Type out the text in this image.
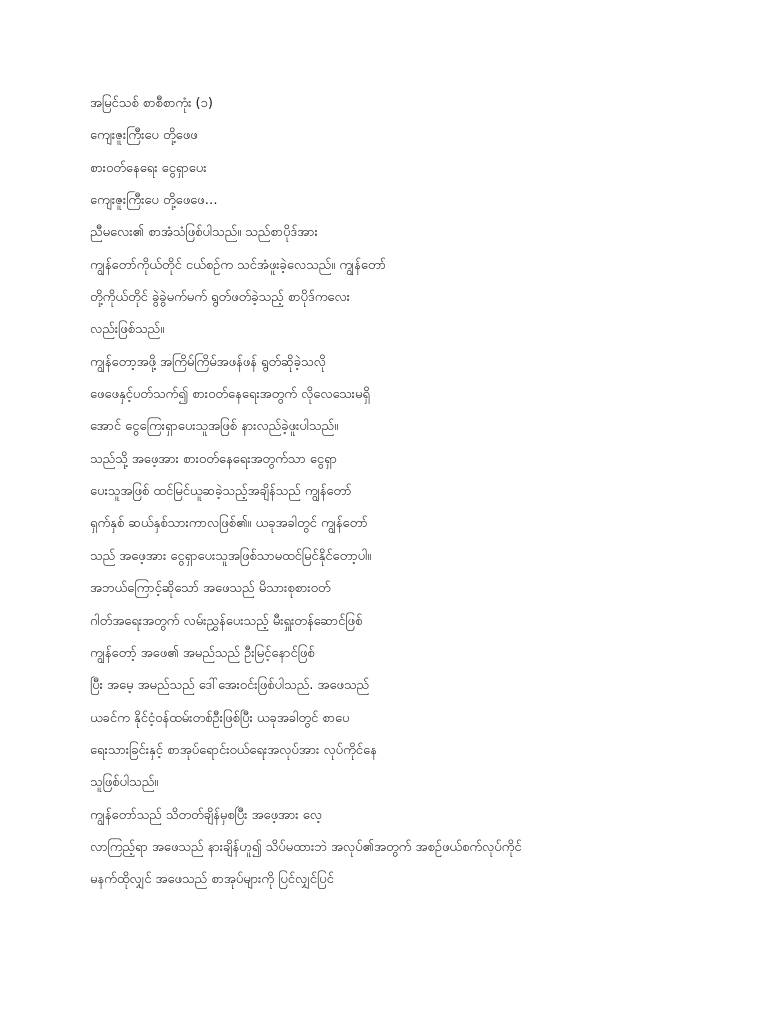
အမြင်သစ် စာစီစာကုံး (၁)
ကျေးဇူးကြီးပေ တို့ဖေဖ
စားဝတ်နေရေး ငွေရှာပေး
ကျေးဇူးကြီးပေ တို့ဖေဖေ…
ညီမလေး၏ စာအံသံဖြစ်ပါသည်။ သည်စာပိုဒ်အား
ကျွန်တော်ကိုယ်တိုင် ငယ်စဉ်က သင်အံဖူးခဲ့လေသည်။ ကျွန်တော်
တို့ကိုယ်တိုင် ခွဲခွဲမက်မက် ရွတ်ဖတ်ခဲ့သည့် စာပိုဒ်ကလေး
လည်းဖြစ်သည်။
ကျွန်တော့အဖို့ အကြိမ်ကြိမ်အဖန်ဖန် ရွတ်ဆိုခဲ့သလို
ဖေဖေနှင့်ပတ်သက်၍ စားဝတ်နေရေးအတွက် လိုလေသေးမရှိ
အောင် ငွေကြေးရှာပေးသူအဖြစ် နားလည်ခဲ့ဖူးပါသည်။
သည်သို့ အဖေ့အား စားဝတ်နေရေးအတွက်သာ ငွေရှာ
ပေးသူအဖြစ် ထင်မြင်ယူဆခဲ့သည့်အချိန်သည် ကျွန်တော်
ရှက်နှစ် ဆယ်နှစ်သားကာလဖြစ်၏။ ယခုအခါတွင် ကျွန်တော်
သည် အဖေ့အား ငွေရှာပေးသူအဖြစ်သာမထင်မြင်နိုင်တော့ပါ။
အဘယ်ကြောင့်ဆိုသော် အဖေသည် မိသားစုစားဝတ်
ဂါတ်အရေးအတွက် လမ်းညွှန်ပေးသည့် မီးရှူးတန်ဆောင်ဖြစ်
ကျွန်တော့် အဖေ၏ အမည်သည် ဦးမြင့်နောင်ဖြစ်
ပြီး အမေ့ အမည်သည် ဒေါ်အေးဝင်းဖြစ်ပါသည်. အဖေသည်
ယခင်က နိုင်ငံ့ဝန်ထမ်းတစ်ဦးဖြစ်ပြီး ယခုအခါတွင် စာပေ
ရေးသားခြင်းနှင့် စာအုပ်ရောင်းဝယ်ရေးအလုပ်အား လုပ်ကိုင်နေ
သူဖြစ်ပါသည်။
ကျွန်တော်သည် သိတတ်ချိန်မှစပြီး အဖေ့အား လေ့
လာကြည့်ရာ အဖေသည် နားချိန်ဟူ၍ သိပ်မထားဘဲ အလုပ်၏အတွက် အစဉ်ဖယ်စက်လုပ်ကိုင်
မနက်ထိုလျှင် အဖေသည် စာအုပ်များကို ပြင်လျှင်ပြင်
